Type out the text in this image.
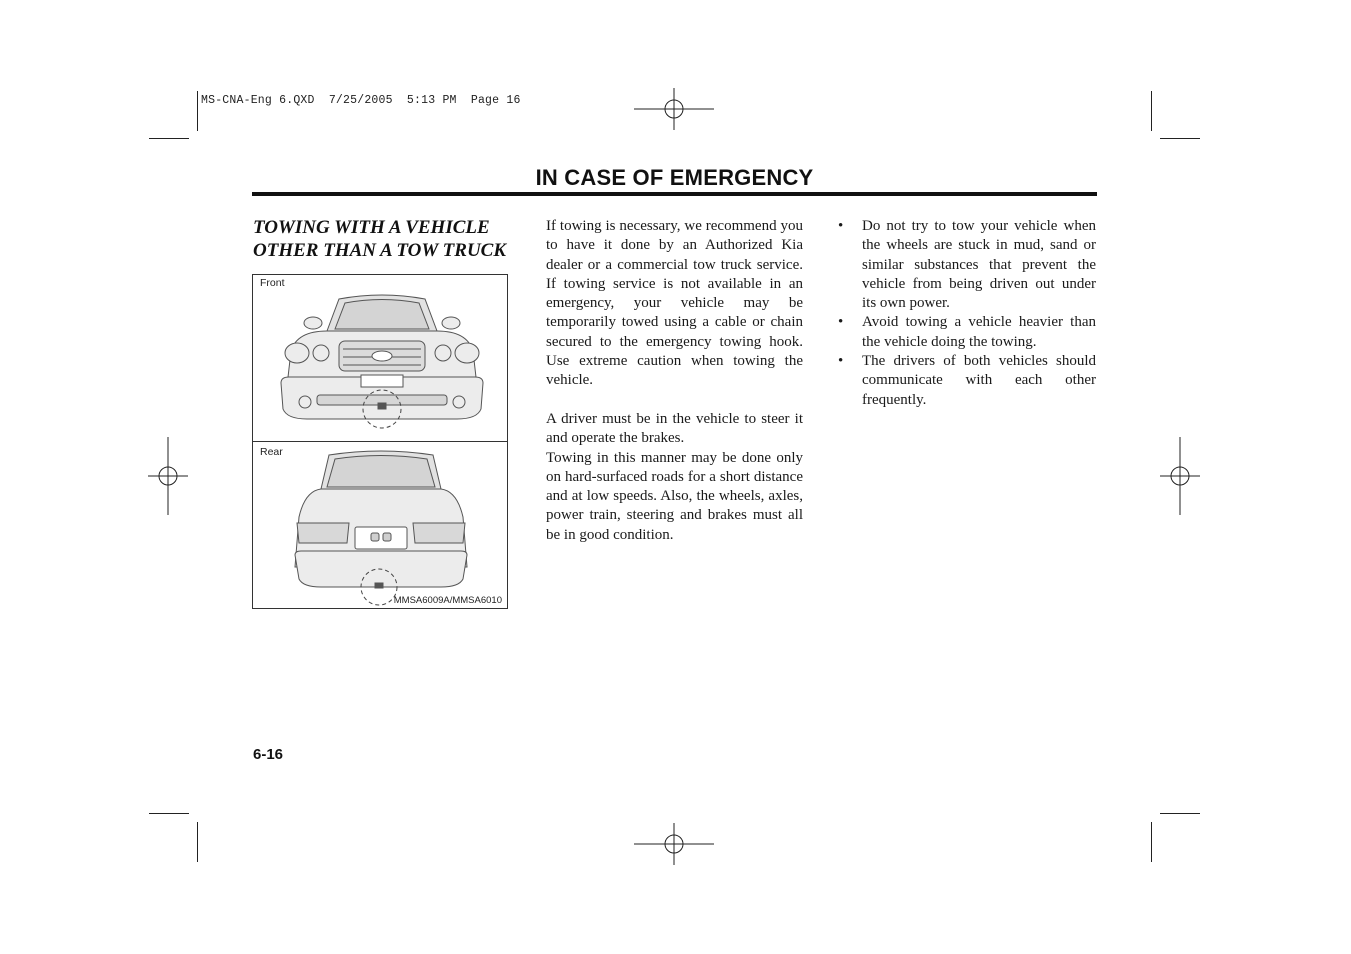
MS-CNA-Eng 6.QXD  7/25/2005  5:13 PM  Page 16
IN CASE OF EMERGENCY
TOWING WITH A VEHICLE
OTHER THAN A TOW TRUCK
Front
Rear
MMSA6009A/MMSA6010

If towing is necessary, we recommend you to have it done by an Authorized Kia dealer or a commercial tow truck service. If towing service is not available in an emergency, your vehicle may be temporarily towed using a cable or chain secured to the emergency towing hook. Use extreme caution when towing the vehicle.

A driver must be in the vehicle to steer it and operate the brakes.

Towing in this manner may be done only on hard-surfaced roads for a short distance and at low speeds. Also, the wheels, axles, power train, steering and brakes must all be in good condition.

• Do not try to tow your vehicle when the wheels are stuck in mud, sand or similar substances that prevent the vehicle from being driven out under its own power.
• Avoid towing a vehicle heavier than the vehicle doing the towing.
• The drivers of both vehicles should communicate with each other frequently.
6-16
